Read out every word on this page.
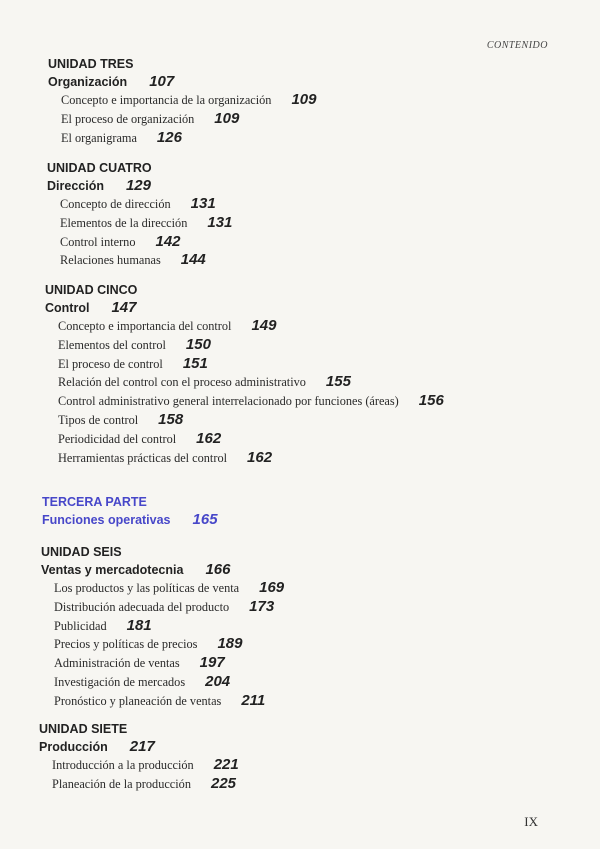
CONTENIDO
UNIDAD TRES
Organización 107
Concepto e importancia de la organización 109
El proceso de organización 109
El organigrama 126
UNIDAD CUATRO
Dirección 129
Concepto de dirección 131
Elementos de la dirección 131
Control interno 142
Relaciones humanas 144
UNIDAD CINCO
Control 147
Concepto e importancia del control 149
Elementos del control 150
El proceso de control 151
Relación del control con el proceso administrativo 155
Control administrativo general interrelacionado por funciones (áreas) 156
Tipos de control 158
Periodicidad del control 162
Herramientas prácticas del control 162
TERCERA PARTE
Funciones operativas 165
UNIDAD SEIS
Ventas y mercadotecnia 166
Los productos y las políticas de venta 169
Distribución adecuada del producto 173
Publicidad 181
Precios y políticas de precios 189
Administración de ventas 197
Investigación de mercados 204
Pronóstico y planeación de ventas 211
UNIDAD SIETE
Producción 217
Introducción a la producción 221
Planeación de la producción 225
IX
